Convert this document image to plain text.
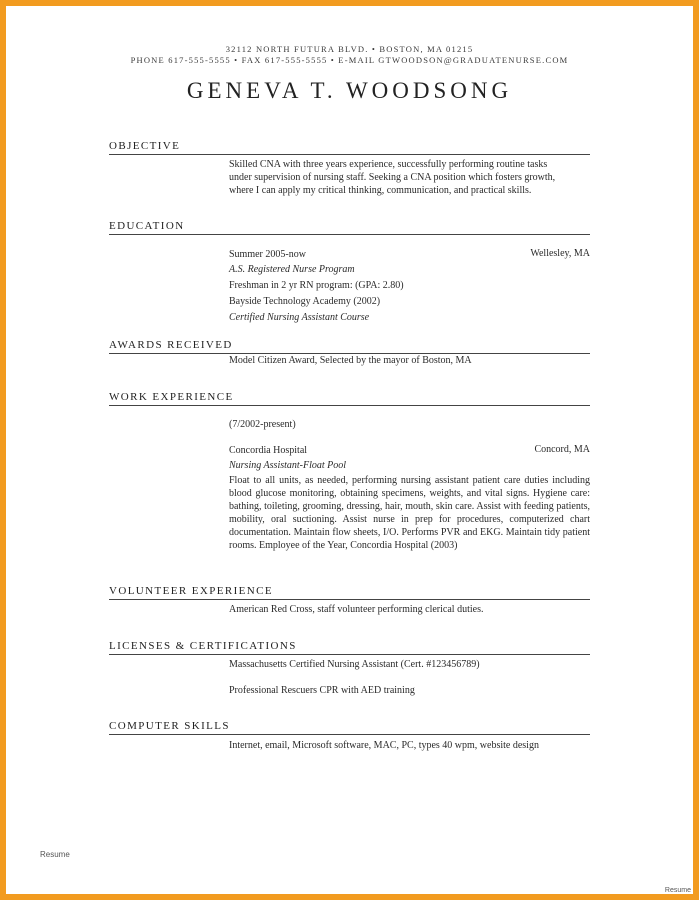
32112 NORTH FUTURA BLVD. • BOSTON, MA 01215
PHONE 617-555-5555 • FAX 617-555-5555 • E-MAIL GTWOODSON@GRADUATENURSE.COM
GENEVA T. WOODSONG
OBJECTIVE
Skilled CNA with three years experience, successfully performing routine tasks
under supervision of nursing staff. Seeking a CNA position which fosters growth,
where I can apply my critical thinking, communication, and practical skills.
EDUCATION
Summer 2005-now	Wellesley, MA
A.S. Registered Nurse Program
Freshman in 2 yr RN program: (GPA: 2.80)
Bayside Technology Academy (2002)
Certified Nursing Assistant Course
AWARDS RECEIVED
Model Citizen Award, Selected by the mayor of Boston, MA
WORK EXPERIENCE
(7/2002-present)
Concordia Hospital	Concord, MA
Nursing Assistant-Float Pool
Float to all units, as needed, performing nursing assistant patient care duties including blood glucose monitoring, obtaining specimens, weights, and vital signs. Hygiene care: bathing, toileting, grooming, dressing, hair, mouth, skin care. Assist with feeding patients, mobility, oral suctioning. Assist nurse in prep for procedures, computerized chart documentation. Maintain flow sheets, I/O. Performs PVR and EKG. Maintain tidy patient rooms. Employee of the Year, Concordia Hospital (2003)
VOLUNTEER EXPERIENCE
American Red Cross, staff volunteer performing clerical duties.
LICENSES & CERTIFICATIONS
Massachusetts Certified Nursing Assistant (Cert. #123456789)
Professional Rescuers CPR with AED training
COMPUTER SKILLS
Internet, email, Microsoft software, MAC, PC, types 40 wpm, website design
Resume
Resume
